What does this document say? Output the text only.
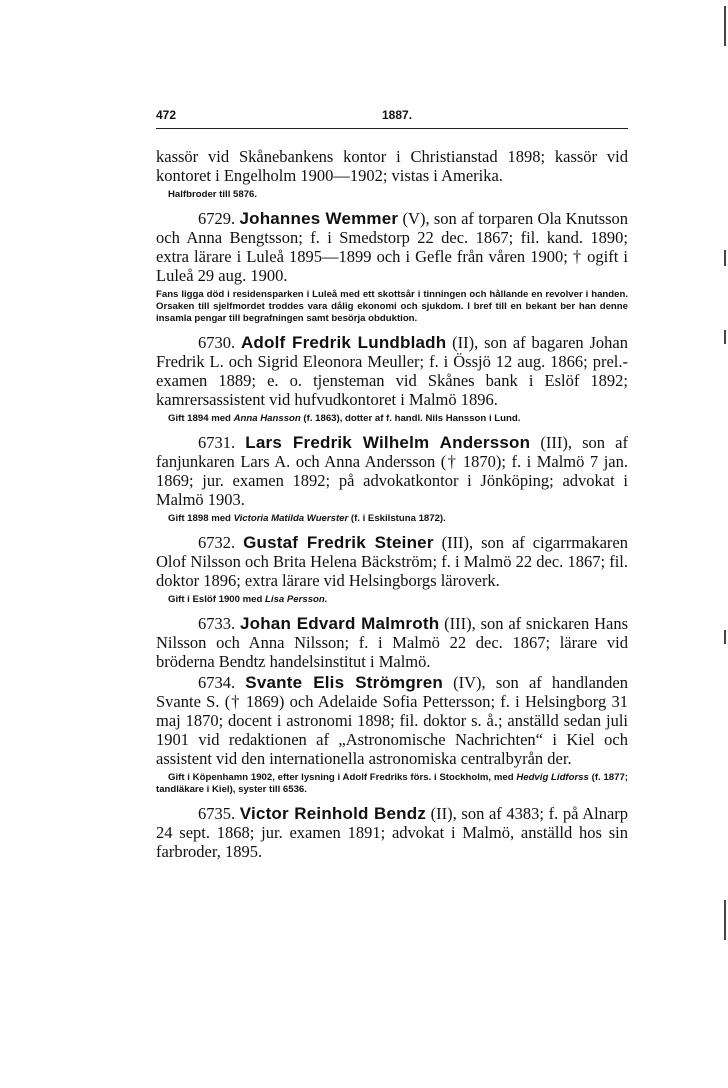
472	1887.

kassör vid Skånebankens kontor i Christianstad 1898; kassör vid kontoret i Engelholm 1900—1902; vistas i Amerika.

Halfbroder till 5876.

6729. Johannes Wemmer (V), son af torparen Ola Knutsson och Anna Bengtsson; f. i Smedstorp 22 dec. 1867; fil. kand. 1890; extra lärare i Luleå 1895—1899 och i Gefle från våren 1900; † ogift i Luleå 29 aug. 1900.

Fans ligga död i residensparken i Luleå med ett skottsår i tinningen och hållande en revolver i handen. Orsaken till sjelfmordet troddes vara dålig ekonomi och sjukdom. I bref till en bekant ber han denne insamla pengar till begrafningen samt besörja obduktion.

6730. Adolf Fredrik Lundbladh (II), son af bagaren Johan Fredrik L. och Sigrid Eleonora Meuller; f. i Össjö 12 aug. 1866; prel.-examen 1889; e. o. tjensteman vid Skånes bank i Eslöf 1892; kamrersassistent vid hufvudkontoret i Malmö 1896.

Gift 1894 med Anna Hansson (f. 1863), dotter af f. handl. Nils Hansson i Lund.

6731. Lars Fredrik Wilhelm Andersson (III), son af fanjunkaren Lars A. och Anna Andersson († 1870); f. i Malmö 7 jan. 1869; jur. examen 1892; på advokatkontor i Jönköping; advokat i Malmö 1903.

Gift 1898 med Victoria Matilda Wuerster (f. i Eskilstuna 1872).

6732. Gustaf Fredrik Steiner (III), son af cigarrmakaren Olof Nilsson och Brita Helena Bäckström; f. i Malmö 22 dec. 1867; fil. doktor 1896; extra lärare vid Helsingborgs läroverk.

Gift i Eslöf 1900 med Lisa Persson.

6733. Johan Edvard Malmroth (III), son af snickaren Hans Nilsson och Anna Nilsson; f. i Malmö 22 dec. 1867; lärare vid bröderna Bendtz handelsinstitut i Malmö.

6734. Svante Elis Strömgren (IV), son af handlanden Svante S. († 1869) och Adelaide Sofia Pettersson; f. i Helsingborg 31 maj 1870; docent i astronomi 1898; fil. doktor s. å.; anställd sedan juli 1901 vid redaktionen af „Astronomische Nachrichten“ i Kiel och assistent vid den internationella astronomiska centralbyrån der.

Gift i Köpenhamn 1902, efter lysning i Adolf Fredriks förs. i Stockholm, med Hedvig Lidforss (f. 1877; tandläkare i Kiel), syster till 6536.

6735. Victor Reinhold Bendz (II), son af 4383; f. på Alnarp 24 sept. 1868; jur. examen 1891; advokat i Malmö, anställd hos sin farbroder, 1895.
